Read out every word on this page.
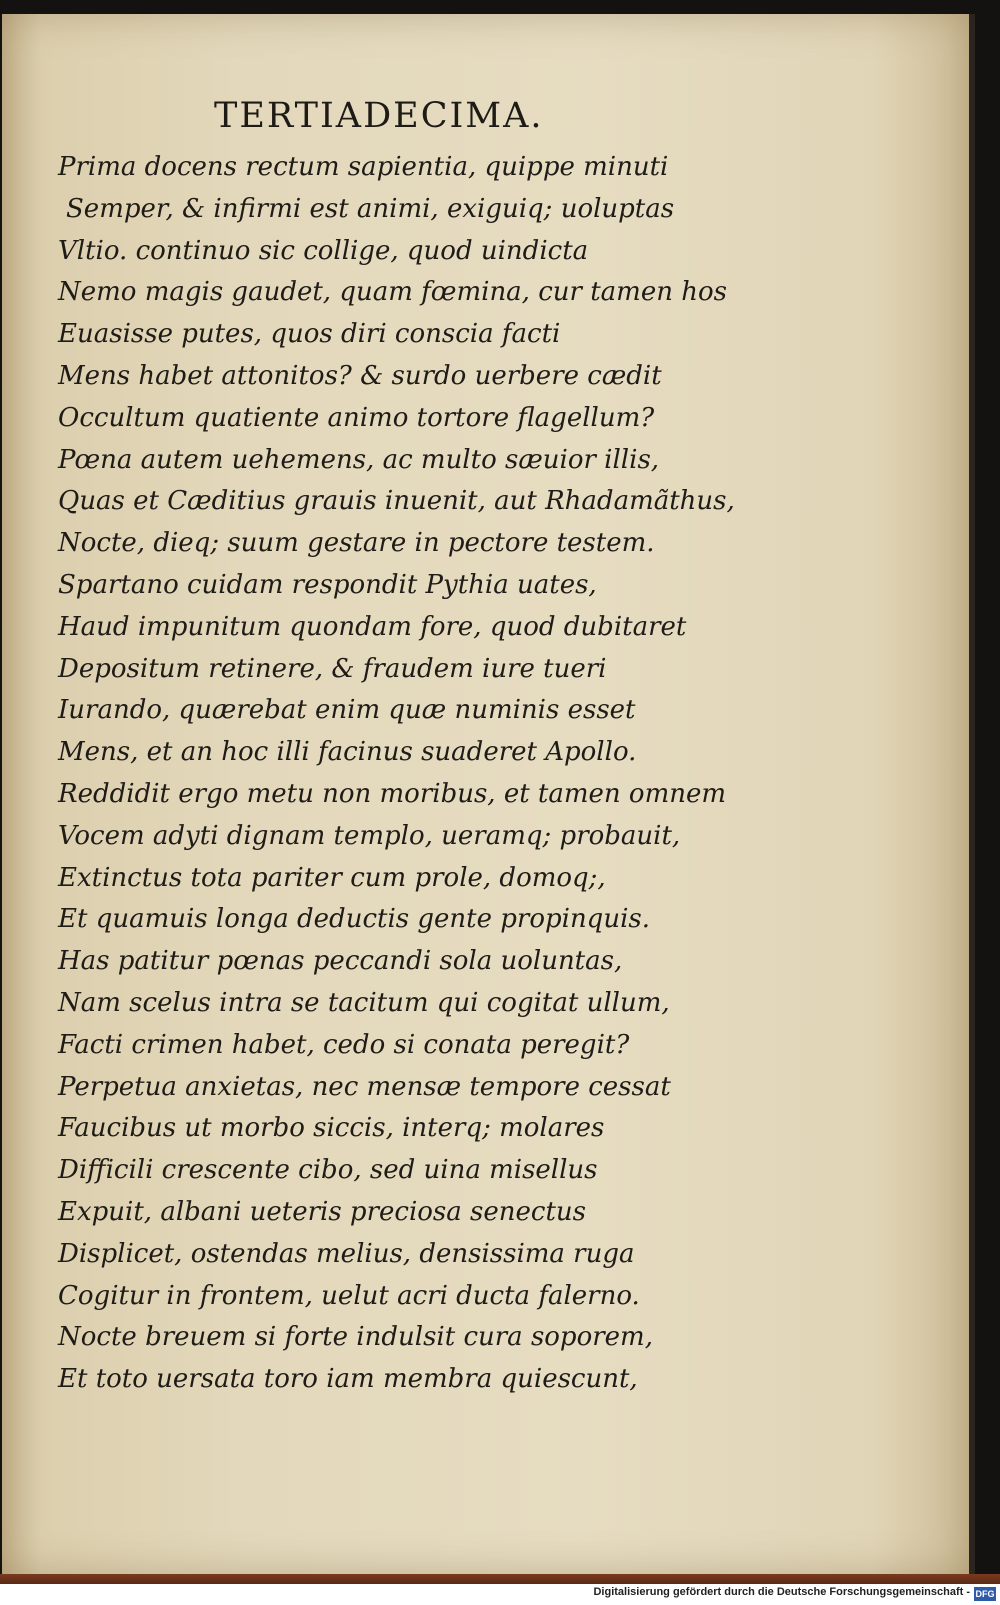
TERTIADECIMA.
Prima docens rectum sapientia, quippe minuti
Semper, & infirmi est animi, exiguiq; uoluptas
Vltio. continuo sic collige, quod uindicta
Nemo magis gaudet, quam fœmina, cur tamen hos
Euasisse putes, quos diri conscia facti
Mens habet attonitos? & surdo uerbere cædit
Occultum quatiente animo tortore flagellum?
Pœna autem uehemens, ac multo sæuior illis,
Quas et Cæditius grauis inuenit, aut Rhadamãthus,
Nocte, dieq; suum gestare in pectore testem.
Spartano cuidam respondit Pythia uates,
Haud impunitum quondam fore, quod dubitaret
Depositum retinere, & fraudem iure tueri
Iurando, quærebat enim quæ numinis esset
Mens, et an hoc illi facinus suaderet Apollo.
Reddidit ergo metu non moribus, et tamen omnem
Vocem adyti dignam templo, ueramq; probauit,
Extinctus tota pariter cum prole, domoq;,
Et quamuis longa deductis gente propinquis.
Has patitur pœnas peccandi sola uoluntas,
Nam scelus intra se tacitum qui cogitat ullum,
Facti crimen habet, cedo si conata peregit?
Perpetua anxietas, nec mensæ tempore cessat
Faucibus ut morbo siccis, interq; molares
Difficili crescente cibo, sed uina misellus
Expuit, albani ueteris preciosa senectus
Displicet, ostendas melius, densissima ruga
Cogitur in frontem, uelut acri ducta falerno.
Nocte breuem si forte indulsit cura soporem,
Et toto uersata toro iam membra quiescunt,
Digitalisierung gefördert durch die Deutsche Forschungsgemeinschaft - DFG
